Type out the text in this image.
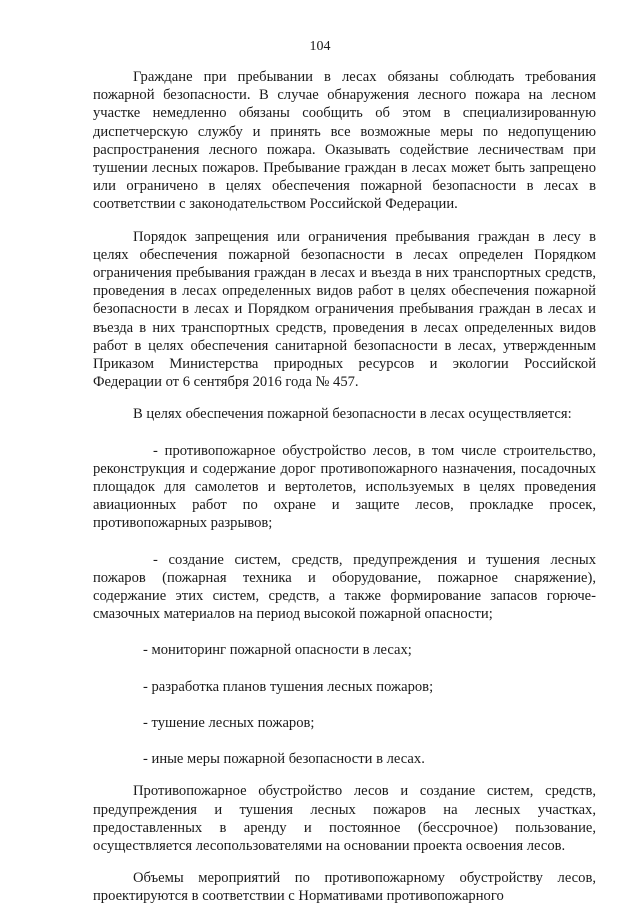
104

Граждане при пребывании в лесах обязаны соблюдать требования пожарной безопасности. В случае обнаружения лесного пожара на лесном участке немедленно обязаны сообщить об этом в специализированную диспетчерскую службу и принять все возможные меры по недопущению распространения лесного пожара. Оказывать содействие лесничествам при тушении лесных пожаров. Пребывание граждан в лесах может быть запрещено или ограничено в целях обеспечения пожарной безопасности в лесах в соответствии с законодательством Российской Федерации.

Порядок запрещения или ограничения пребывания граждан в лесу в целях обеспечения пожарной безопасности в лесах определен Порядком ограничения пребывания граждан в лесах и въезда в них транспортных средств, проведения в лесах определенных видов работ в целях обеспечения пожарной безопасности в лесах и Порядком ограничения пребывания граждан в лесах и въезда в них транспортных средств, проведения в лесах определенных видов работ в целях обеспечения санитарной безопасности в лесах, утвержденным Приказом Министерства природных ресурсов и экологии Российской Федерации от 6 сентября 2016 года № 457.

В целях обеспечения пожарной безопасности в лесах осуществляется:

- противопожарное обустройство лесов, в том числе строительство, реконструкция и содержание дорог противопожарного назначения, посадочных площадок для самолетов и вертолетов, используемых в целях проведения авиационных работ по охране и защите лесов, прокладке просек, противопожарных разрывов;

- создание систем, средств, предупреждения и тушения лесных пожаров (пожарная техника и оборудование, пожарное снаряжение), содержание этих систем, средств, а также формирование запасов горюче-смазочных материалов на период высокой пожарной опасности;

- мониторинг пожарной опасности в лесах;

- разработка планов тушения лесных пожаров;

- тушение лесных пожаров;

- иные меры пожарной безопасности в лесах.

Противопожарное обустройство лесов и создание систем, средств, предупреждения и тушения лесных пожаров на лесных участках, предоставленных в аренду и постоянное (бессрочное) пользование, осуществляется лесопользователями на основании проекта освоения лесов.

Объемы мероприятий по противопожарному обустройству лесов, проектируются в соответствии с Нормативами противопожарного
